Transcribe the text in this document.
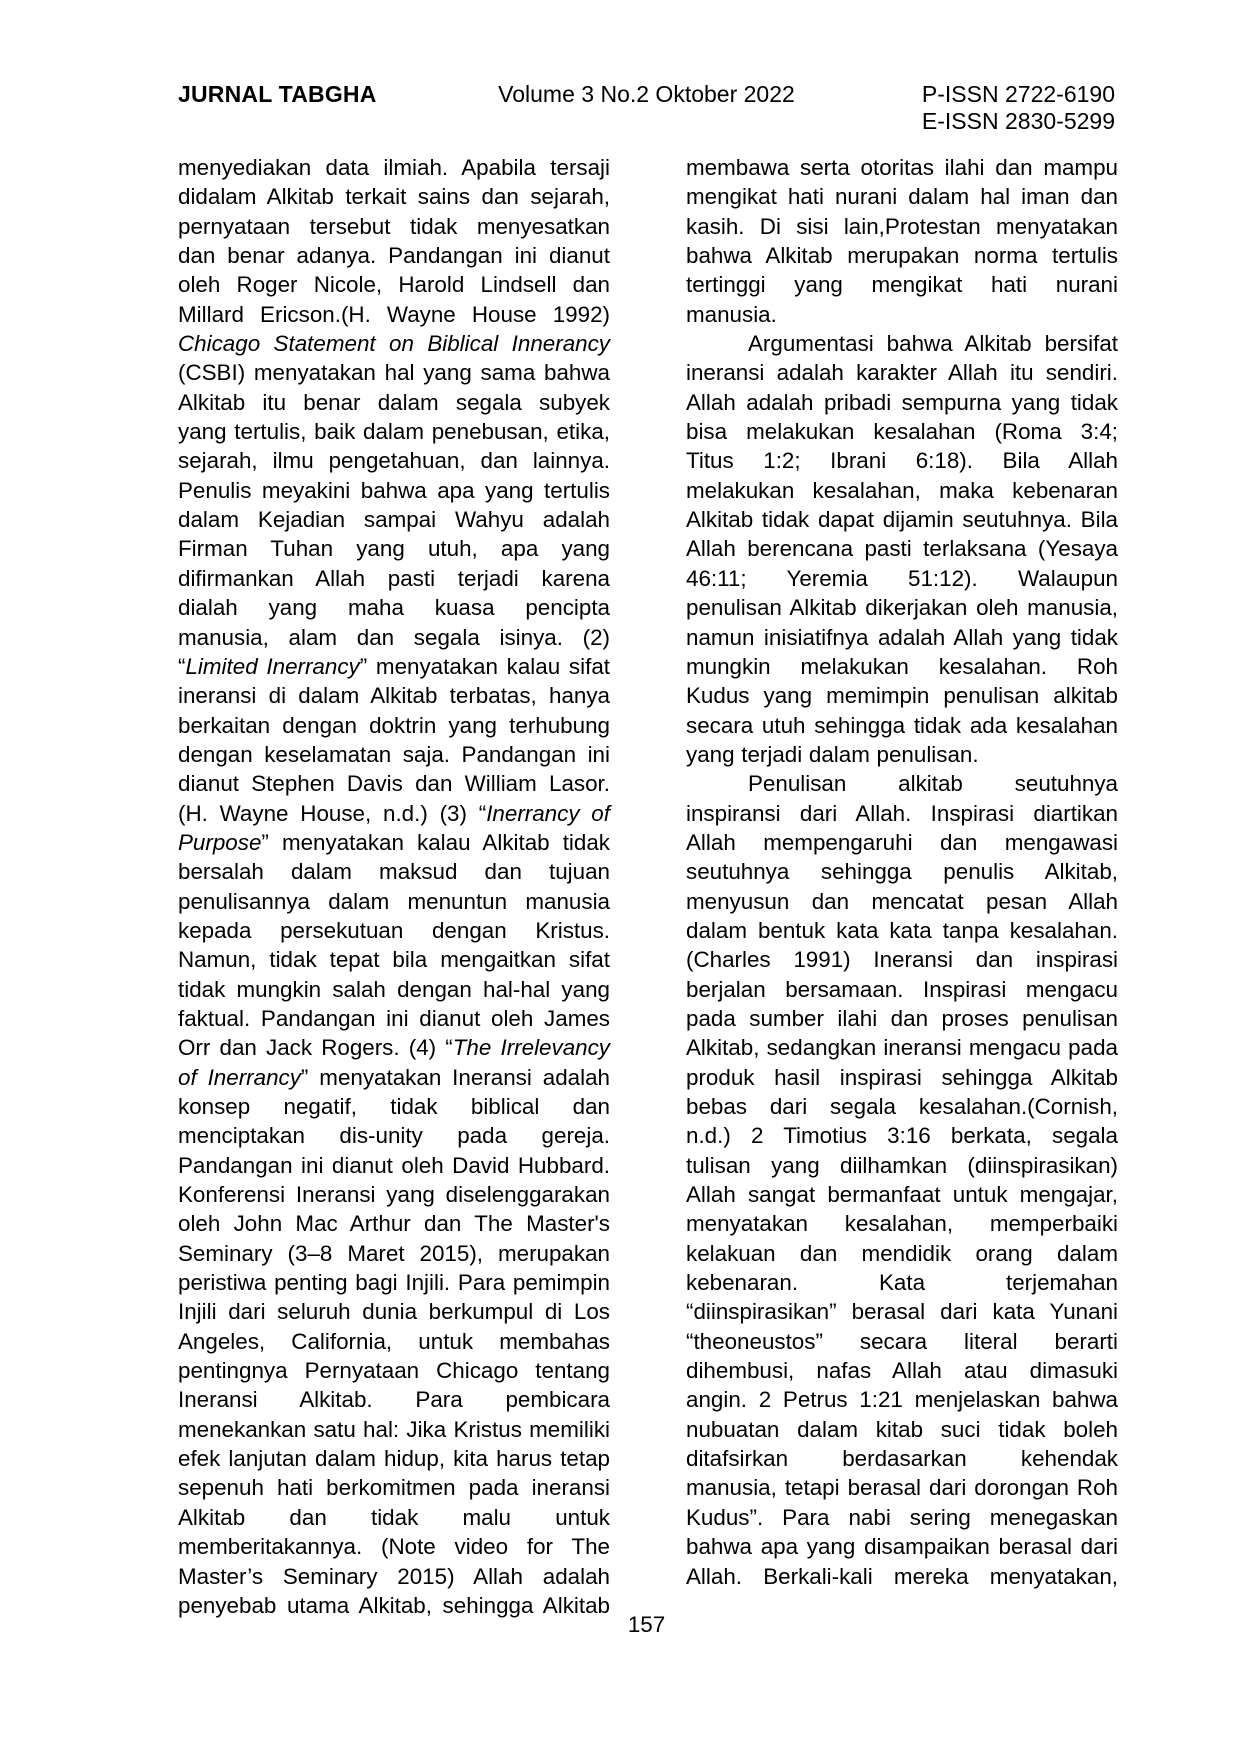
JURNAL TABGHA	Volume 3 No.2 Oktober 2022	P-ISSN 2722-6190
E-ISSN 2830-5299

menyediakan data ilmiah. Apabila tersaji didalam Alkitab terkait sains dan sejarah, pernyataan tersebut tidak menyesatkan dan benar adanya. Pandangan ini dianut oleh Roger Nicole, Harold Lindsell dan Millard Ericson.(H. Wayne House 1992) Chicago Statement on Biblical Innerancy (CSBI) menyatakan hal yang sama bahwa Alkitab itu benar dalam segala subyek yang tertulis, baik dalam penebusan, etika, sejarah, ilmu pengetahuan, dan lainnya. Penulis meyakini bahwa apa yang tertulis dalam Kejadian sampai Wahyu adalah Firman Tuhan yang utuh, apa yang difirmankan Allah pasti terjadi karena dialah yang maha kuasa pencipta manusia, alam dan segala isinya. (2) “Limited Inerrancy” menyatakan kalau sifat ineransi di dalam Alkitab terbatas, hanya berkaitan dengan doktrin yang terhubung dengan keselamatan saja. Pandangan ini dianut Stephen Davis dan William Lasor. (H. Wayne House, n.d.) (3) “Inerrancy of Purpose” menyatakan kalau Alkitab tidak bersalah dalam maksud dan tujuan penulisannya dalam menuntun manusia kepada persekutuan dengan Kristus. Namun, tidak tepat bila mengaitkan sifat tidak mungkin salah dengan hal-hal yang faktual. Pandangan ini dianut oleh James Orr dan Jack Rogers. (4) “The Irrelevancy of Inerrancy” menyatakan Ineransi adalah konsep negatif, tidak biblical dan menciptakan dis-unity pada gereja. Pandangan ini dianut oleh David Hubbard. Konferensi Ineransi yang diselenggarakan oleh John Mac Arthur dan The Master's Seminary (3–8 Maret 2015), merupakan peristiwa penting bagi Injili. Para pemimpin Injili dari seluruh dunia berkumpul di Los Angeles, California, untuk membahas pentingnya Pernyataan Chicago tentang Ineransi Alkitab. Para pembicara menekankan satu hal: Jika Kristus memiliki efek lanjutan dalam hidup, kita harus tetap sepenuh hati berkomitmen pada ineransi Alkitab dan tidak malu untuk memberitakannya. (Note video for The Master’s Seminary 2015) Allah adalah penyebab utama Alkitab, sehingga Alkitab

membawa serta otoritas ilahi dan mampu mengikat hati nurani dalam hal iman dan kasih. Di sisi lain,Protestan menyatakan bahwa Alkitab merupakan norma tertulis tertinggi yang mengikat hati nurani manusia.

Argumentasi bahwa Alkitab bersifat ineransi adalah karakter Allah itu sendiri. Allah adalah pribadi sempurna yang tidak bisa melakukan kesalahan (Roma 3:4; Titus 1:2; Ibrani 6:18). Bila Allah melakukan kesalahan, maka kebenaran Alkitab tidak dapat dijamin seutuhnya. Bila Allah berencana pasti terlaksana (Yesaya 46:11; Yeremia 51:12). Walaupun penulisan Alkitab dikerjakan oleh manusia, namun inisiatifnya adalah Allah yang tidak mungkin melakukan kesalahan. Roh Kudus yang memimpin penulisan alkitab secara utuh sehingga tidak ada kesalahan yang terjadi dalam penulisan.

Penulisan alkitab seutuhnya inspiransi dari Allah. Inspirasi diartikan Allah mempengaruhi dan mengawasi seutuhnya sehingga penulis Alkitab, menyusun dan mencatat pesan Allah dalam bentuk kata kata tanpa kesalahan. (Charles 1991) Ineransi dan inspirasi berjalan bersamaan. Inspirasi mengacu pada sumber ilahi dan proses penulisan Alkitab, sedangkan ineransi mengacu pada produk hasil inspirasi sehingga Alkitab bebas dari segala kesalahan.(Cornish, n.d.) 2 Timotius 3:16 berkata, segala tulisan yang diilhamkan (diinspirasikan) Allah sangat bermanfaat untuk mengajar, menyatakan kesalahan, memperbaiki kelakuan dan mendidik orang dalam kebenaran. Kata terjemahan “diinspirasikan” berasal dari kata Yunani “theoneustos” secara literal berarti dihembusi, nafas Allah atau dimasuki angin. 2 Petrus 1:21 menjelaskan bahwa nubuatan dalam kitab suci tidak boleh ditafsirkan berdasarkan kehendak manusia, tetapi berasal dari dorongan Roh Kudus”. Para nabi sering menegaskan bahwa apa yang disampaikan berasal dari Allah. Berkali-kali mereka menyatakan,

157
